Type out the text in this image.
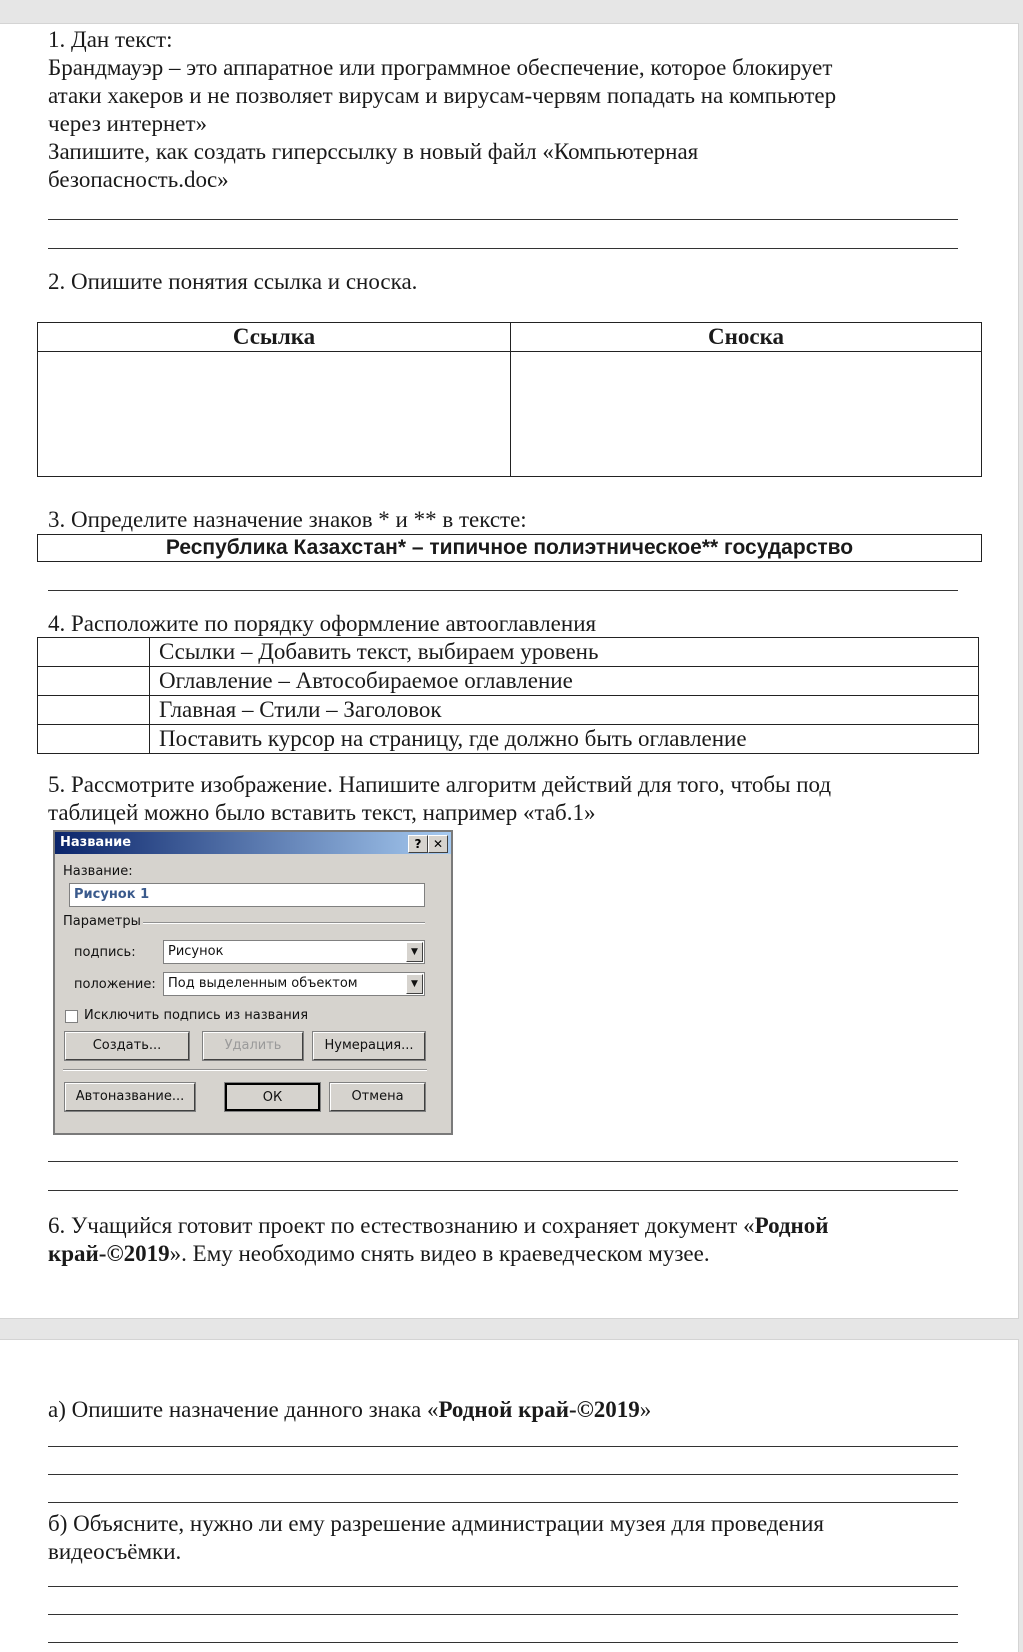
1. Дан текст:
Брандмауэр – это аппаратное или программное обеспечение, которое блокирует
атаки хакеров и не позволяет вирусам и вирусам-червям попадать на компьютер
через интернет»
Запишите, как создать гиперссылку в новый файл «Компьютерная
безопасность.doc»
2. Опишите понятия ссылка и сноска.
Ссылка	Сноска

3. Определите назначение знаков * и ** в тексте:
Республика Казахстан* – типичное полиэтническое** государство
4. Расположите по порядку оформление автооглавления
	Ссылки – Добавить текст, выбираем уровень
	Оглавление – Автособираемое оглавление
	Главная – Стили – Заголовок
	Поставить курсор на страницу, где должно быть оглавление
5. Рассмотрите изображение. Напишите алгоритм действий для того, чтобы под
таблицей можно было вставить текст, например «таб.1»
6. Учащийся готовит проект по естествознанию и сохраняет документ «Родной
край-©2019». Ему необходимо снять видео в краеведческом музее.
Название	? ✕
Название:
Рисунок 1
Параметры
подпись:	Рисунок	▼
положение: Под выделенным объектом	▼
Исключить подпись из названия
Создать...	Удалить	Нумерация...
Автоназвание...	ОК	Отмена
а) Опишите назначение данного знака «Родной край-©2019»
б) Объясните, нужно ли ему разрешение администрации музея для проведения
видеосъёмки.
